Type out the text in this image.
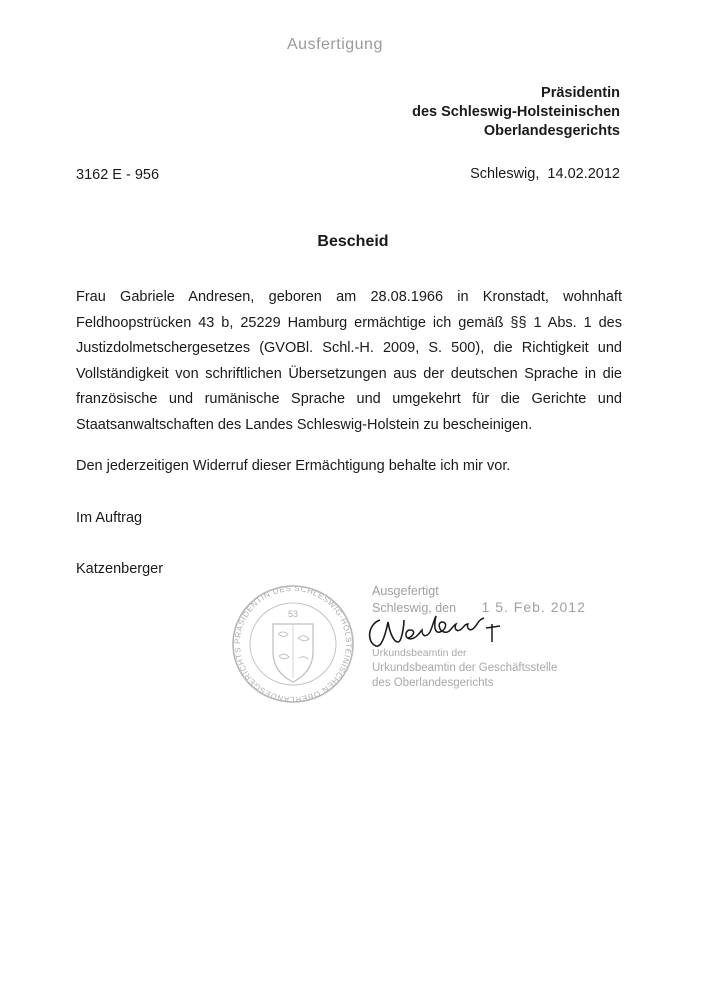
Ausfertigung
Präsidentin
des Schleswig-Holsteinischen
Oberlandesgerichts
3162 E - 956	Schleswig,  14.02.2012
Bescheid
Frau Gabriele Andresen, geboren am 28.08.1966 in Kronstadt, wohnhaft Feldhoopstrücken 43 b, 25229 Hamburg ermächtige ich gemäß §§ 1 Abs. 1 des Justizdolmetschergesetzes (GVOBl. Schl.-H. 2009, S. 500), die Richtigkeit und Vollständigkeit von schriftlichen Übersetzungen aus der deutschen Sprache in die französische und rumänische Sprache und umgekehrt für die Gerichte und Staatsanwaltschaften des Landes Schleswig-Holstein zu bescheinigen.
Den jederzeitigen Widerruf dieser Ermächtigung behalte ich mir vor.
Im Auftrag
Katzenberger
PRÄSIDENTIN DES SCHLESWIG-HOLSTEINISCHEN OBERLANDESGERICHTS
53
Ausgefertigt
Schleswig, den 1 5. Feb. 2012
Urkundsbeamtin der
Urkundsbeamtin der Geschäftsstelle
des Oberlandesgerichts
